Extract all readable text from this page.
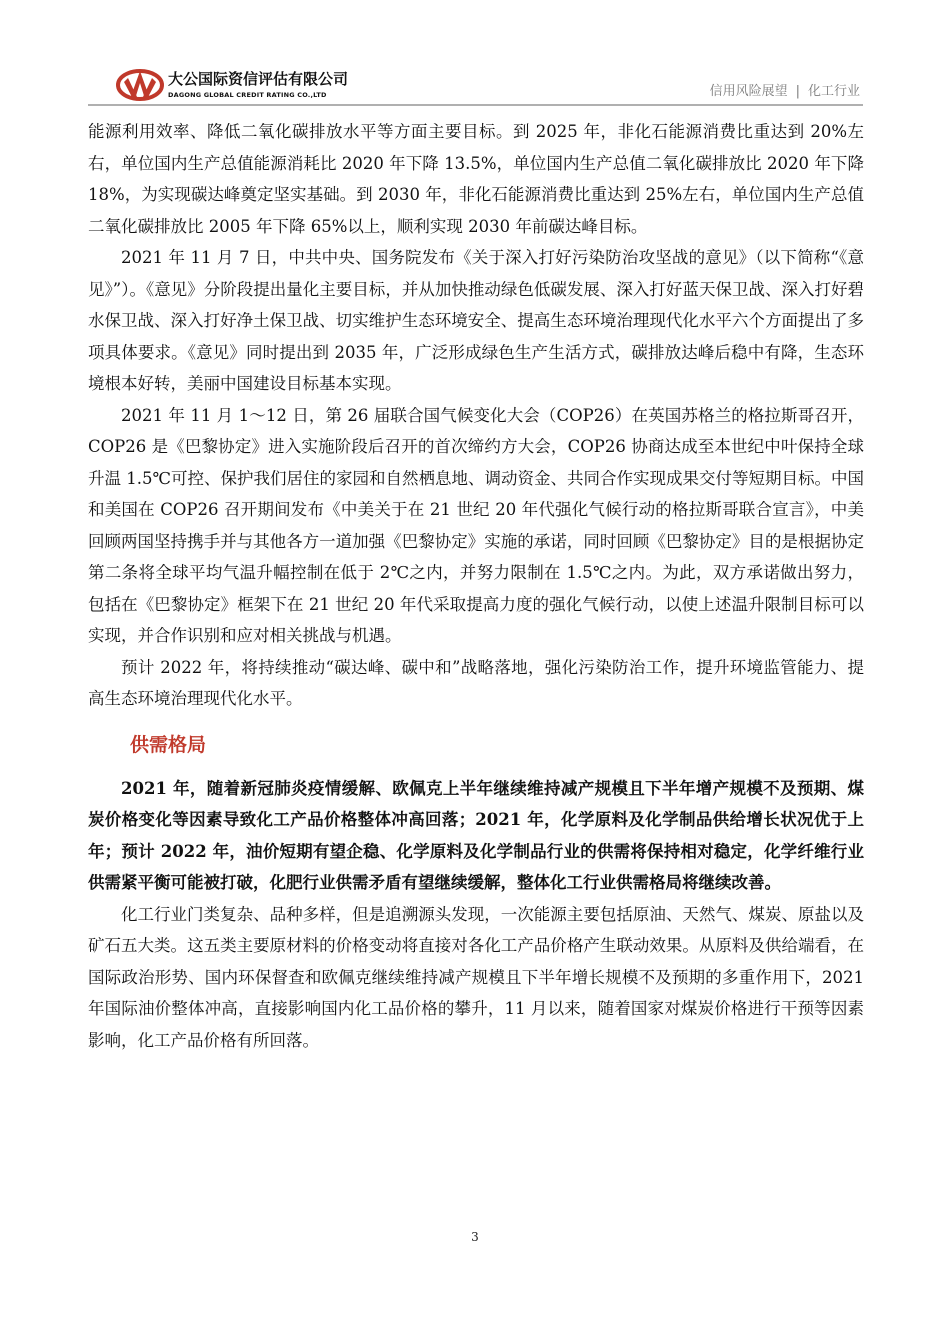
大公国际资信评估有限公司
DAGONG GLOBAL CREDIT RATING CO.,LTD	信用风险展望 | 化工行业

能源利用效率、降低二氧化碳排放水平等方面主要目标。到 2025 年，非化石能源消费比重达到 20%左右，单位国内生产总值能源消耗比 2020 年下降 13.5%，单位国内生产总值二氧化碳排放比 2020 年下降 18%，为实现碳达峰奠定坚实基础。到 2030 年，非化石能源消费比重达到 25%左右，单位国内生产总值二氧化碳排放比 2005 年下降 65%以上，顺利实现 2030 年前碳达峰目标。

2021 年 11 月 7 日，中共中央、国务院发布《关于深入打好污染防治攻坚战的意见》（以下简称“《意见》”）。《意见》分阶段提出量化主要目标，并从加快推动绿色低碳发展、深入打好蓝天保卫战、深入打好碧水保卫战、深入打好净土保卫战、切实维护生态环境安全、提高生态环境治理现代化水平六个方面提出了多项具体要求。《意见》同时提出到 2035 年，广泛形成绿色生产生活方式，碳排放达峰后稳中有降，生态环境根本好转，美丽中国建设目标基本实现。

2021 年 11 月 1～12 日，第 26 届联合国气候变化大会（COP26）在英国苏格兰的格拉斯哥召开，COP26 是《巴黎协定》进入实施阶段后召开的首次缔约方大会，COP26 协商达成至本世纪中叶保持全球升温 1.5℃可控、保护我们居住的家园和自然栖息地、调动资金、共同合作实现成果交付等短期目标。中国和美国在 COP26 召开期间发布《中美关于在 21 世纪 20 年代强化气候行动的格拉斯哥联合宣言》，中美回顾两国坚持携手并与其他各方一道加强《巴黎协定》实施的承诺，同时回顾《巴黎协定》目的是根据协定第二条将全球平均气温升幅控制在低于 2℃之内，并努力限制在 1.5℃之内。为此，双方承诺做出努力，包括在《巴黎协定》框架下在 21 世纪 20 年代采取提高力度的强化气候行动，以使上述温升限制目标可以实现，并合作识别和应对相关挑战与机遇。

预计 2022 年，将持续推动“碳达峰、碳中和”战略落地，强化污染防治工作，提升环境监管能力、提高生态环境治理现代化水平。

供需格局

2021 年，随着新冠肺炎疫情缓解、欧佩克上半年继续维持减产规模且下半年增产规模不及预期、煤炭价格变化等因素导致化工产品价格整体冲高回落；2021 年，化学原料及化学制品供给增长状况优于上年；预计 2022 年，油价短期有望企稳、化学原料及化学制品行业的供需将保持相对稳定，化学纤维行业供需紧平衡可能被打破，化肥行业供需矛盾有望继续缓解，整体化工行业供需格局将继续改善。

化工行业门类复杂、品种多样，但是追溯源头发现，一次能源主要包括原油、天然气、煤炭、原盐以及矿石五大类。这五类主要原材料的价格变动将直接对各化工产品价格产生联动效果。从原料及供给端看，在国际政治形势、国内环保督查和欧佩克继续维持减产规模且下半年增长规模不及预期的多重作用下，2021 年国际油价整体冲高，直接影响国内化工品价格的攀升，11 月以来，随着国家对煤炭价格进行干预等因素影响，化工产品价格有所回落。

3
